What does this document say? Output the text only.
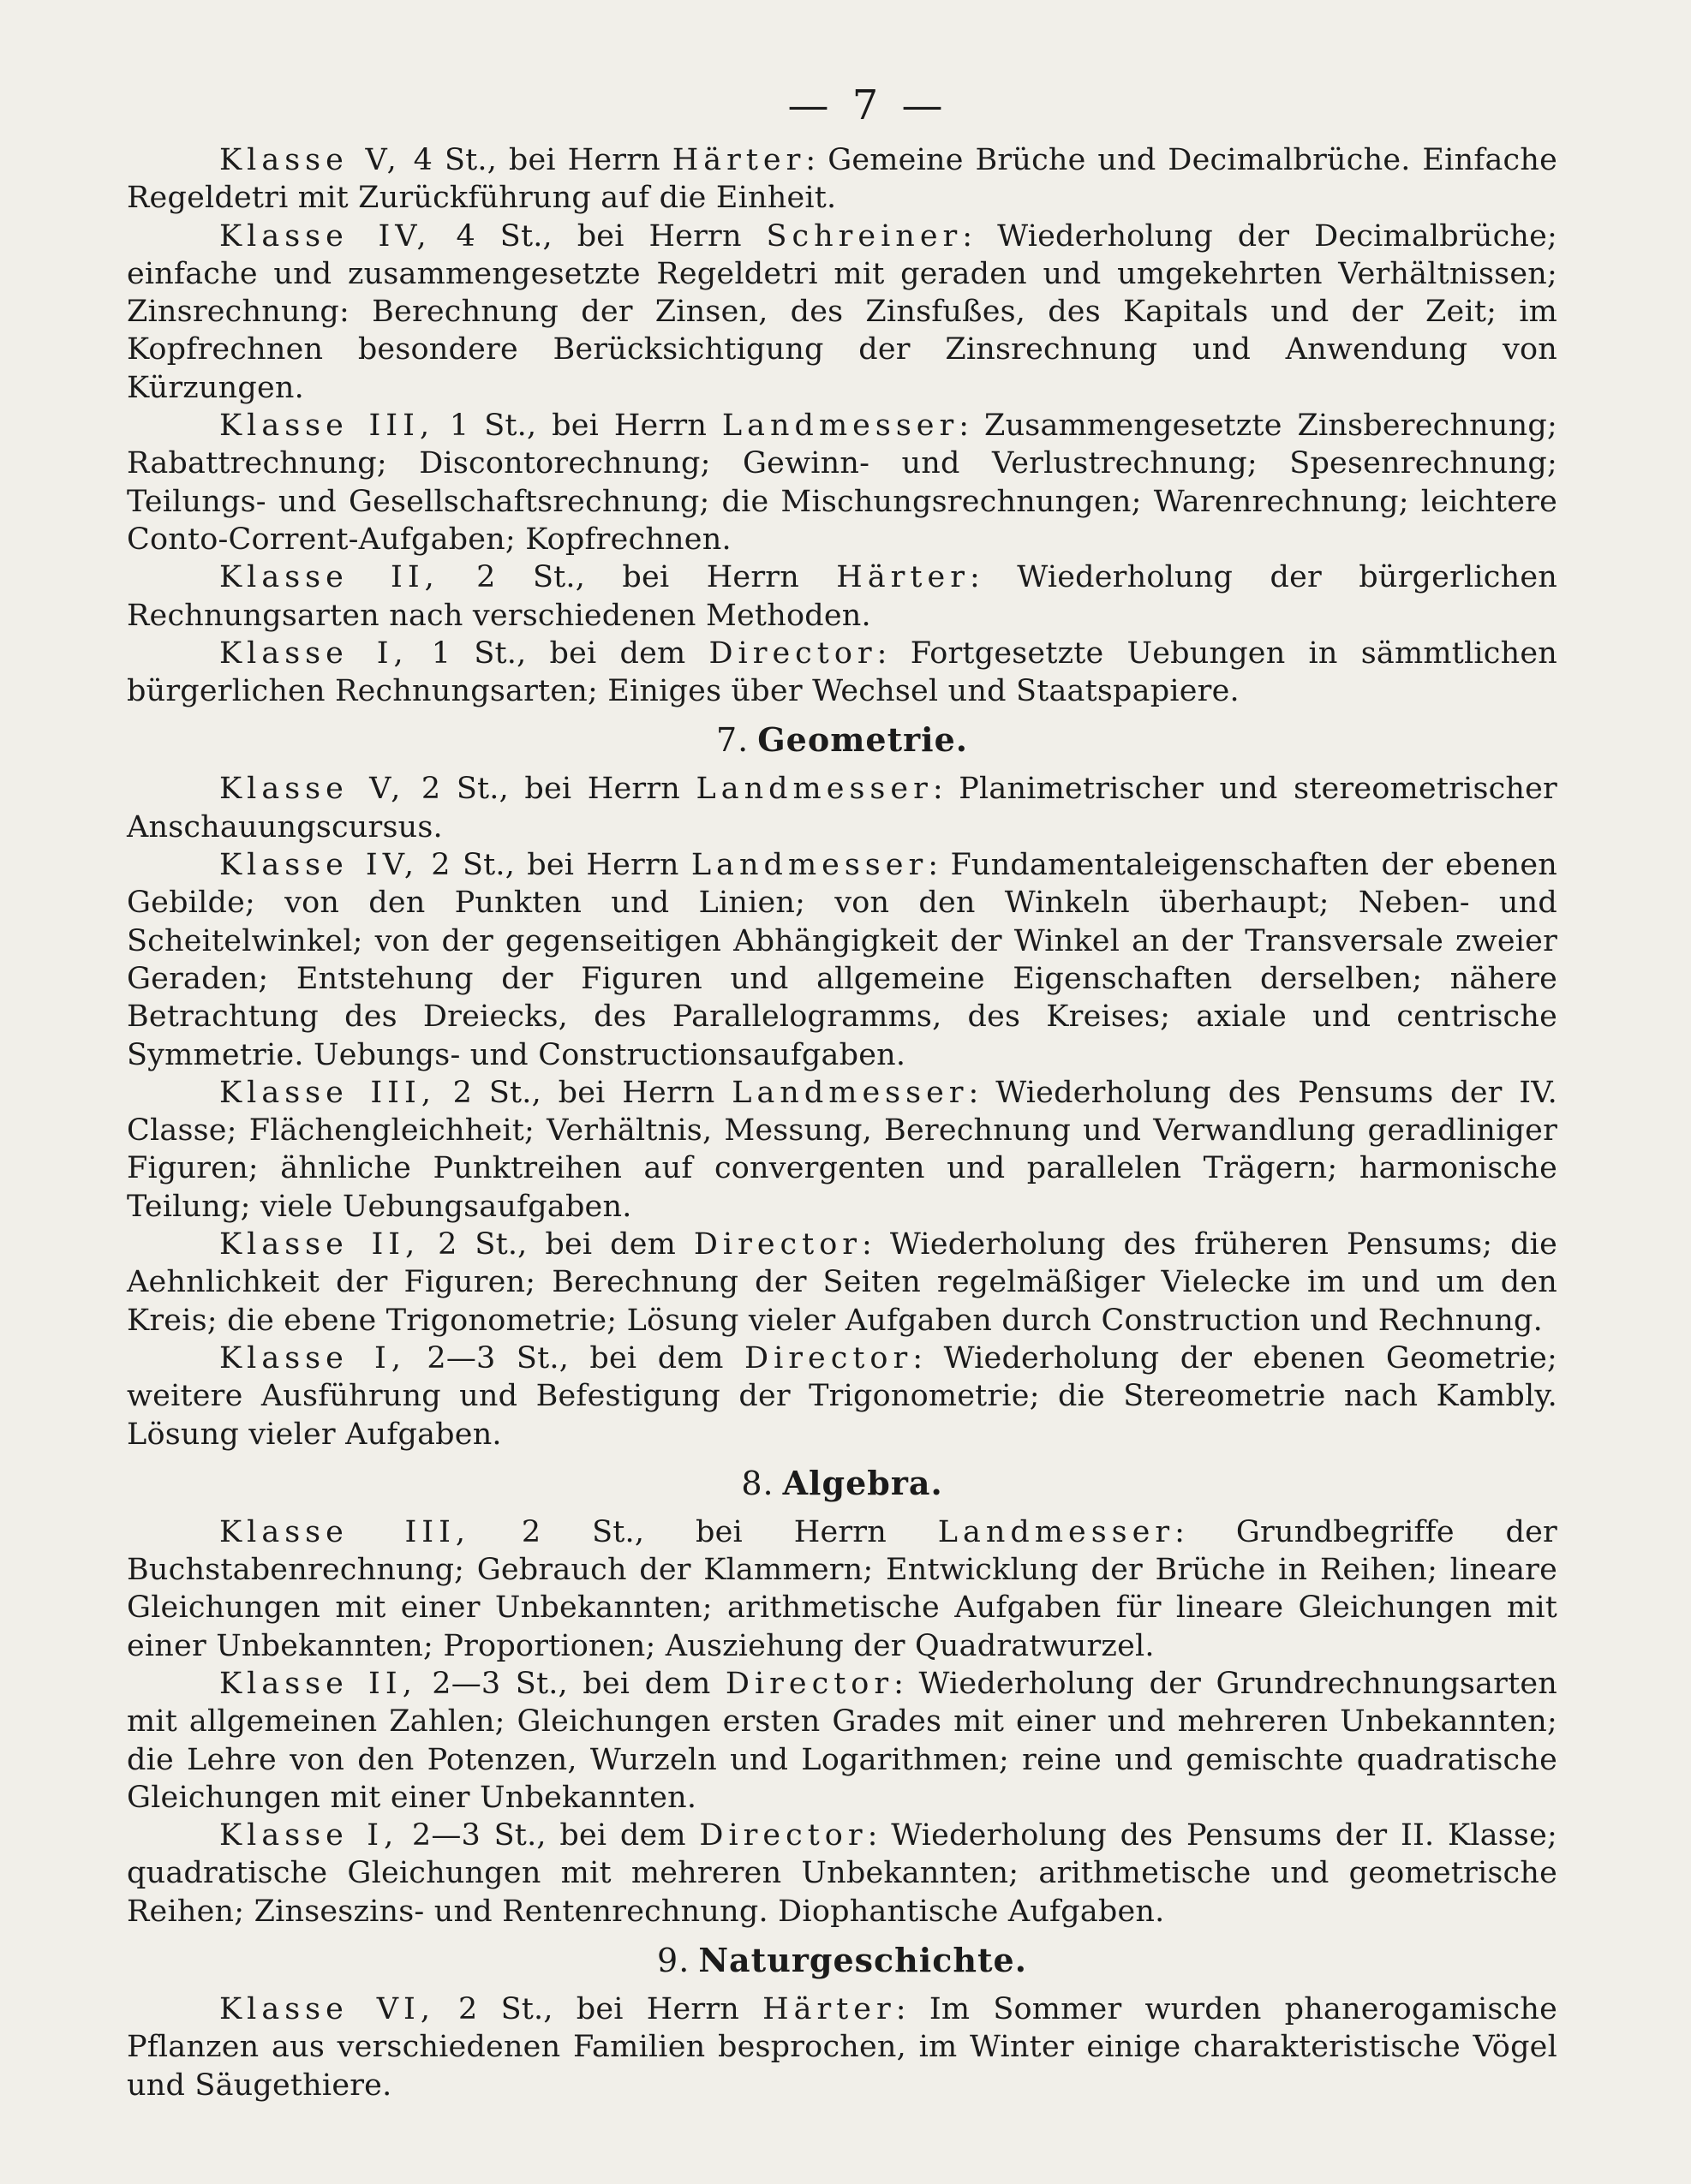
— 7 —

Klasse V, 4 St., bei Herrn Härter: Gemeine Brüche und Decimalbrüche. Einfache Regeldetri mit Zurückführung auf die Einheit.

Klasse IV, 4 St., bei Herrn Schreiner: Wiederholung der Decimalbrüche; einfache und zusammengesetzte Regeldetri mit geraden und umgekehrten Verhältnissen; Zinsrechnung: Berechnung der Zinsen, des Zinsfußes, des Kapitals und der Zeit; im Kopfrechnen besondere Berücksichtigung der Zinsrechnung und Anwendung von Kürzungen.

Klasse III, 1 St., bei Herrn Landmesser: Zusammengesetzte Zinsberechnung; Rabattrechnung; Discontorechnung; Gewinn- und Verlustrechnung; Spesenrechnung; Teilungs- und Gesellschaftsrechnung; die Mischungsrechnungen; Warenrechnung; leichtere Conto-Corrent-Aufgaben; Kopfrechnen.

Klasse II, 2 St., bei Herrn Härter: Wiederholung der bürgerlichen Rechnungsarten nach verschiedenen Methoden.

Klasse I, 1 St., bei dem Director: Fortgesetzte Uebungen in sämmtlichen bürgerlichen Rechnungsarten; Einiges über Wechsel und Staatspapiere.

7. Geometrie.

Klasse V, 2 St., bei Herrn Landmesser: Planimetrischer und stereometrischer Anschauungscursus.

Klasse IV, 2 St., bei Herrn Landmesser: Fundamentaleigenschaften der ebenen Gebilde; von den Punkten und Linien; von den Winkeln überhaupt; Neben- und Scheitelwinkel; von der gegenseitigen Abhängigkeit der Winkel an der Transversale zweier Geraden; Entstehung der Figuren und allgemeine Eigenschaften derselben; nähere Betrachtung des Dreiecks, des Parallelogramms, des Kreises; axiale und centrische Symmetrie. Uebungs- und Constructionsaufgaben.

Klasse III, 2 St., bei Herrn Landmesser: Wiederholung des Pensums der IV. Classe; Flächengleichheit; Verhältnis, Messung, Berechnung und Verwandlung geradliniger Figuren; ähnliche Punktreihen auf convergenten und parallelen Trägern; harmonische Teilung; viele Uebungsaufgaben.

Klasse II, 2 St., bei dem Director: Wiederholung des früheren Pensums; die Aehnlichkeit der Figuren; Berechnung der Seiten regelmäßiger Vielecke im und um den Kreis; die ebene Trigonometrie; Lösung vieler Aufgaben durch Construction und Rechnung.

Klasse I, 2—3 St., bei dem Director: Wiederholung der ebenen Geometrie; weitere Ausführung und Befestigung der Trigonometrie; die Stereometrie nach Kambly. Lösung vieler Aufgaben.

8. Algebra.

Klasse III, 2 St., bei Herrn Landmesser: Grundbegriffe der Buchstabenrechnung; Gebrauch der Klammern; Entwicklung der Brüche in Reihen; lineare Gleichungen mit einer Unbekannten; arithmetische Aufgaben für lineare Gleichungen mit einer Unbekannten; Proportionen; Ausziehung der Quadratwurzel.

Klasse II, 2—3 St., bei dem Director: Wiederholung der Grundrechnungsarten mit allgemeinen Zahlen; Gleichungen ersten Grades mit einer und mehreren Unbekannten; die Lehre von den Potenzen, Wurzeln und Logarithmen; reine und gemischte quadratische Gleichungen mit einer Unbekannten.

Klasse I, 2—3 St., bei dem Director: Wiederholung des Pensums der II. Klasse; quadratische Gleichungen mit mehreren Unbekannten; arithmetische und geometrische Reihen; Zinseszins- und Rentenrechnung. Diophantische Aufgaben.

9. Naturgeschichte.

Klasse VI, 2 St., bei Herrn Härter: Im Sommer wurden phanerogamische Pflanzen aus verschiedenen Familien besprochen, im Winter einige charakteristische Vögel und Säugethiere.
